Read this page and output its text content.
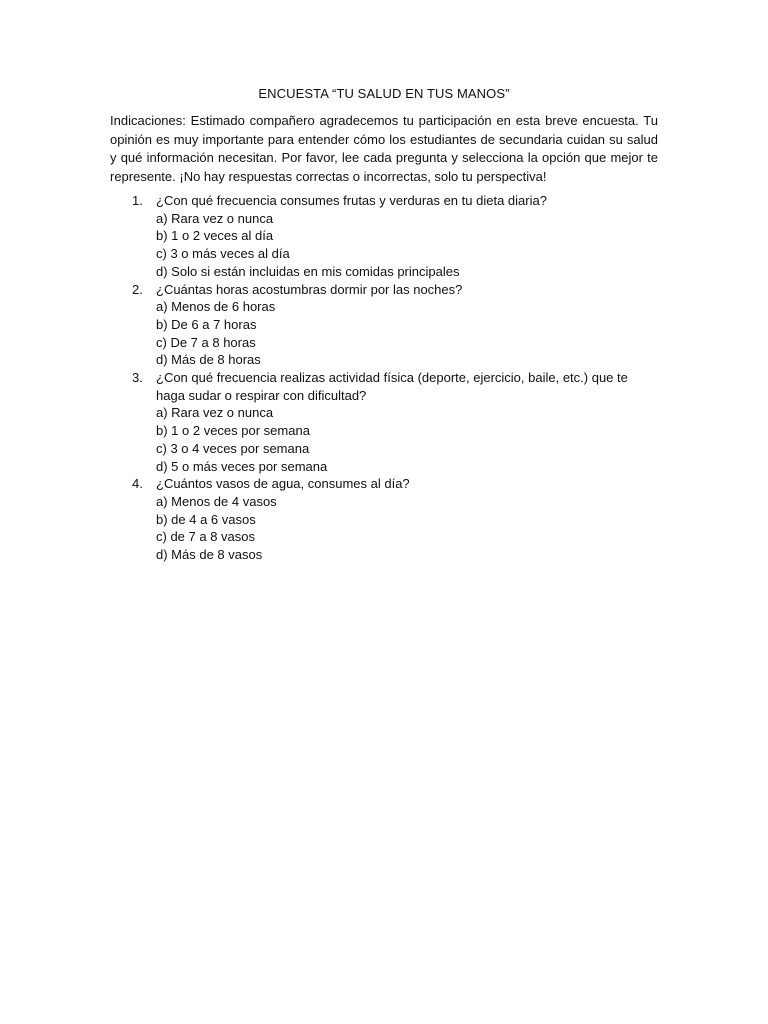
ENCUESTA “TU SALUD EN TUS MANOS”

Indicaciones: Estimado compañero agradecemos tu participación en esta breve encuesta. Tu opinión es muy importante para entender cómo los estudiantes de secundaria cuidan su salud y qué información necesitan. Por favor, lee cada pregunta y selecciona la opción que mejor te represente. ¡No hay respuestas correctas o incorrectas, solo tu perspectiva!

1. ¿Con qué frecuencia consumes frutas y verduras en tu dieta diaria?
a) Rara vez o nunca
b) 1 o 2 veces al día
c) 3 o más veces al día
d) Solo si están incluidas en mis comidas principales
2. ¿Cuántas horas acostumbras dormir por las noches?
a) Menos de 6 horas
b) De 6 a 7 horas
c) De 7 a 8 horas
d) Más de 8 horas
3. ¿Con qué frecuencia realizas actividad física (deporte, ejercicio, baile, etc.) que te haga sudar o respirar con dificultad?
a) Rara vez o nunca
b) 1 o 2 veces por semana
c) 3 o 4 veces por semana
d) 5 o más veces por semana
4. ¿Cuántos vasos de agua, consumes al día?
a) Menos de 4 vasos
b) de 4 a 6 vasos
c) de 7 a 8 vasos
d) Más de 8 vasos
